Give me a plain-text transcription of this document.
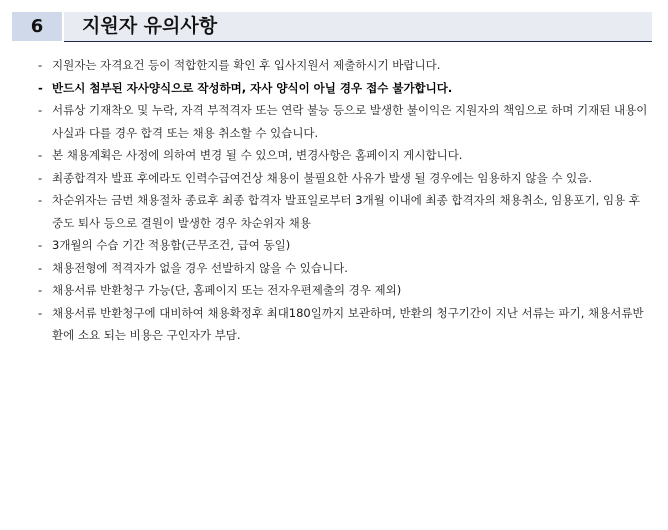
6	지원자 유의사항
- 지원자는 자격요건 등이 적합한지를 확인 후 입사지원서 제출하시기 바랍니다.
- 반드시 첨부된 자사양식으로 작성하며, 자사 양식이 아닐 경우 접수 불가합니다.
- 서류상 기재착오 및 누락, 자격 부적격자 또는 연락 불능 등으로 발생한 불이익은 지원자의 책임으로 하며 기재된 내용이 사실과 다를 경우 합격 또는 채용 취소할 수 있습니다.
- 본 채용계획은 사정에 의하여 변경 될 수 있으며, 변경사항은 홈페이지 게시합니다.
- 최종합격자 발표 후에라도 인력수급여건상 채용이 불필요한 사유가 발생 될 경우에는 임용하지 않을 수 있음.
- 차순위자는 금번 채용절차 종료후 최종 합격자 발표일로부터 3개월 이내에 최종 합격자의 채용취소, 임용포기, 임용 후 중도 퇴사 등으로 결원이 발생한 경우 차순위자 채용
- 3개월의 수습 기간 적용함(근무조건, 급여 동일)
- 채용전형에 적격자가 없을 경우 선발하지 않을 수 있습니다.
- 채용서류 반환청구 가능(단, 홈페이지 또는 전자우편제출의 경우 제외)
- 채용서류 반환청구에 대비하여 채용확정후 최대180일까지 보관하며, 반환의 청구기간이 지난 서류는 파기, 채용서류반환에 소요 되는 비용은 구인자가 부담.
